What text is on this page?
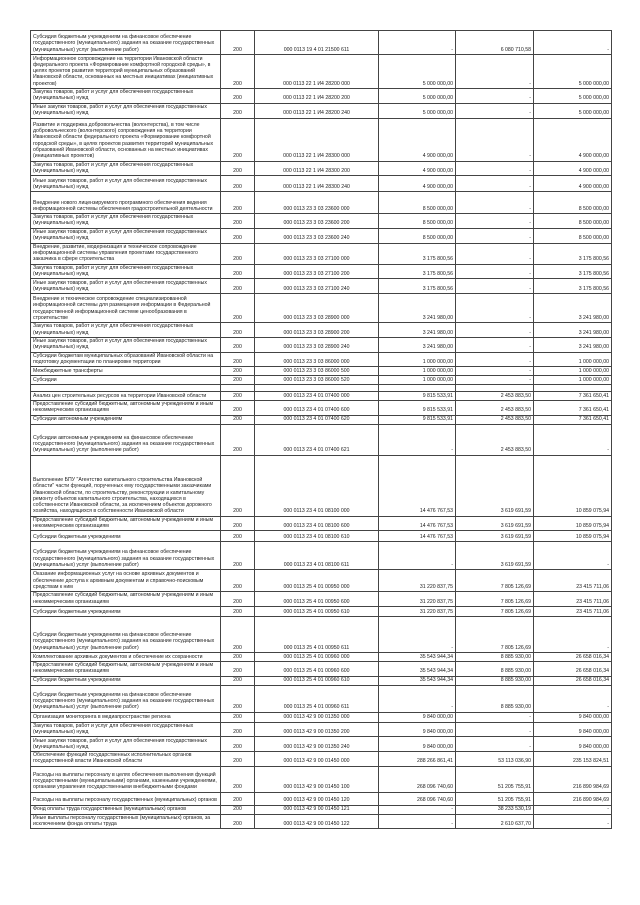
Субсидия бюджетным учреждениям на финансовое обеспечение государственного (муниципального) задания на оказание государственных (муниципальных) услуг (выполнение работ)	200	000 0113 19 4 01 21500 611	-	6 080 710,58	-
Информационное сопровождение на территории Ивановской области федерального проекта «Формирование комфортной городской среды», в целях проектов развития территорий муниципальных образований Ивановской области, основанных на местных инициативах (инициативных проектов)	200	000 0113 22 1 И4 28200 000	5 000 000,00	-	5 000 000,00
Закупка товаров, работ и услуг для обеспечения государственных (муниципальных) нужд	200	000 0113 22 1 И4 28200 200	5 000 000,00	-	5 000 000,00
Иные закупки товаров, работ и услуг для обеспечения государственных (муниципальных) нужд	200	000 0113 22 1 И4 28200 240	5 000 000,00	-	5 000 000,00
Развитие и поддержка добровольчества (волонтерства), в том числе добровольческого (волонтерского) сопровождения на территории Ивановской области федерального проекта «Формирование комфортной городской среды», в целях проектов развития территорий муниципальных образований Ивановской области, основанных на местных инициативах (инициативных проектов)	200	000 0113 22 1 И4 28300 000	4 900 000,00	-	4 900 000,00
Закупка товаров, работ и услуг для обеспечения государственных (муниципальных) нужд	200	000 0113 22 1 И4 28300 200	4 900 000,00	-	4 900 000,00
Иные закупки товаров, работ и услуг для обеспечения государственных (муниципальных) нужд	200	000 0113 22 1 И4 28300 240	4 900 000,00	-	4 900 000,00
Внедрение нового лицензируемого программного обеспечения ведения информационной системы обеспечения градостроительной деятельности	200	000 0113 23 3 03 23600 000	8 500 000,00	-	8 500 000,00
Закупка товаров, работ и услуг для обеспечения государственных (муниципальных) нужд	200	000 0113 23 3 03 23600 200	8 500 000,00	-	8 500 000,00
Иные закупки товаров, работ и услуг для обеспечения государственных (муниципальных) нужд	200	000 0113 23 3 03 23600 240	8 500 000,00	-	8 500 000,00
Внедрение, развитие, модернизация и техническое сопровождение информационной системы управления проектами государственного заказчика в сфере строительства	200	000 0113 23 3 03 27100 000	3 175 800,56	-	3 175 800,56
Закупка товаров, работ и услуг для обеспечения государственных (муниципальных) нужд	200	000 0113 23 3 03 27100 200	3 175 800,56	-	3 175 800,56
Иные закупки товаров, работ и услуг для обеспечения государственных (муниципальных) нужд	200	000 0113 23 3 03 27100 240	3 175 800,56	-	3 175 800,56
Внедрение и техническое сопровождение специализированной информационной системы для размещения информации в Федеральной государственной информационной системе ценообразования в строительстве	200	000 0113 23 3 03 28900 000	3 241 980,00	-	3 241 980,00
Закупка товаров, работ и услуг для обеспечения государственных (муниципальных) нужд	200	000 0113 23 3 03 28900 200	3 241 980,00	-	3 241 980,00
Иные закупки товаров, работ и услуг для обеспечения государственных (муниципальных) нужд	200	000 0113 23 3 03 28900 240	3 241 980,00	-	3 241 980,00
Субсидии бюджетам муниципальных образований Ивановской области на подготовку документации по планировке территории	200	000 0113 23 3 03 86000 000	1 000 000,00	-	1 000 000,00
Межбюджетные трансферты	200	000 0113 23 3 03 86000 500	1 000 000,00	-	1 000 000,00
Субсидии	200	000 0113 23 3 03 86000 520	1 000 000,00	-	1 000 000,00

Анализ цен строительных ресурсов на территории Ивановской области	200	000 0113 23 4 01 07400 000	9 815 533,91	2 453 883,50	7 361 650,41
Предоставление субсидий бюджетным, автономным учреждениям и иным некоммерческим организациям	200	000 0113 23 4 01 07400 600	9 815 533,91	2 453 883,50	7 361 650,41
Субсидии автономным учреждениям	200	000 0113 23 4 01 07400 620	9 815 533,91	2 453 883,50	7 361 650,41
Субсидии автономным учреждениям на финансовое обеспечение государственного (муниципального) задания на оказание государственных (муниципальных) услуг (выполнение работ)	200	000 0113 23 4 01 07400 621	-	2 453 883,50	-
Выполнение БПУ "Агентство капитального строительства Ивановской области" части функций, порученных ему государственными заказчиками Ивановской области, по строительству, реконструкции и капитальному ремонту объектов капитального строительства, находящихся в собственности Ивановской области, за исключением объектов дорожного хозяйства, находящихся в собственности Ивановской области	200	000 0113 23 4 01 08100 000	14 476 767,53	3 619 691,59	10 859 075,94
Предоставление субсидий бюджетным, автономным учреждениям и иным некоммерческим организациям	200	000 0113 23 4 01 08100 600	14 476 767,53	3 619 691,59	10 859 075,94
Субсидии бюджетным учреждениям	200	000 0113 23 4 01 08100 610	14 476 767,53	3 619 691,59	10 859 075,94
Субсидии бюджетным учреждениям на финансовое обеспечение государственного (муниципального) задания на оказание государственных (муниципальных) услуг (выполнение работ)	200	000 0113 23 4 01 08100 611	-	3 619 691,59	-
Оказание информационных услуг на основе архивных документов и обеспечение доступа к архивным документам и справочно-поисковым средствам к ним	200	000 0113 25 4 01 00950 000	31 220 837,75	7 805 126,69	23 415 711,06
Предоставление субсидий бюджетным, автономным учреждениям и иным некоммерческим организациям	200	000 0113 25 4 01 00950 600	31 220 837,75	7 805 126,69	23 415 711,06
Субсидии бюджетным учреждениям	200	000 0113 25 4 01 00950 610	31 220 837,75	7 805 126,69	23 415 711,06
Субсидии бюджетным учреждениям на финансовое обеспечение государственного (муниципального) задания на оказание государственных (муниципальных) услуг (выполнение работ)	200	000 0113 25 4 01 00950 611	-	7 805 126,69	-
Комплектование архивных документов и обеспечение их сохранности	200	000 0113 25 4 01 00960 000	35 543 944,34	8 885 930,00	26 658 016,34
Предоставление субсидий бюджетным, автономным учреждениям и иным некоммерческим организациям	200	000 0113 25 4 01 00960 600	35 543 944,34	8 885 930,00	26 658 016,34
Субсидии бюджетным учреждениям	200	000 0113 25 4 01 00960 610	35 543 944,34	8 885 930,00	26 658 016,34
Субсидии бюджетным учреждениям на финансовое обеспечение государственного (муниципального) задания на оказание государственных (муниципальных) услуг (выполнение работ)	200	000 0113 25 4 01 00960 611	-	8 885 930,00	-
Организация мониторинга в медиапространстве региона	200	000 0113 42 9 00 01350 000	9 840 000,00	-	9 840 000,00
Закупка товаров, работ и услуг для обеспечения государственных (муниципальных) нужд	200	000 0113 42 9 00 01350 200	9 840 000,00	-	9 840 000,00
Иные закупки товаров, работ и услуг для обеспечения государственных (муниципальных) нужд	200	000 0113 42 9 00 01350 240	9 840 000,00	-	9 840 000,00
Обеспечение функций государственных исполнительных органов государственной власти Ивановской области	200	000 0113 42 9 00 01450 000	288 266 861,41	53 113 036,90	235 153 824,51
Расходы на выплаты персоналу в целях обеспечения выполнения функций государственными (муниципальными) органами, казенными учреждениями, органами управления государственными внебюджетными фондами	200	000 0113 42 9 00 01450 100	268 096 740,60	51 205 755,91	216 890 984,69
Расходы на выплаты персоналу государственных (муниципальных) органов	200	000 0113 42 9 00 01450 120	268 096 740,60	51 205 755,91	216 890 984,69
Фонд оплаты труда государственных (муниципальных) органов	200	000 0113 42 9 00 01450 121	-	38 233 530,19	-
Иные выплаты персоналу государственных (муниципальных) органов, за исключением фонда оплаты труда	200	000 0113 42 9 00 01450 122	-	2 610 637,70	-
